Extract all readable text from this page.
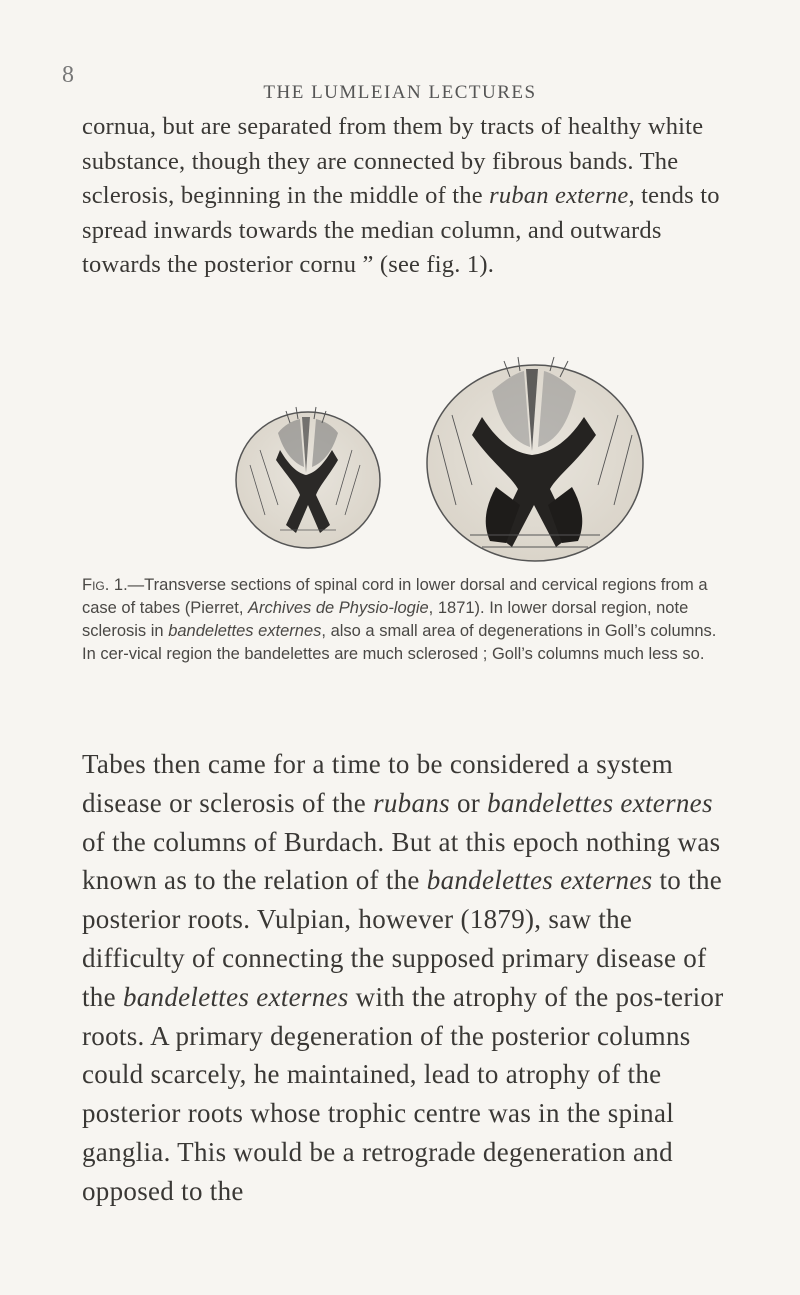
8
THE LUMLEIAN LECTURES

cornua, but are separated from them by tracts of healthy white substance, though they are connected by fibrous bands. The sclerosis, beginning in the middle of the ruban externe, tends to spread inwards towards the median column, and outwards towards the posterior cornu ” (see fig. 1).

Fig. 1.—Transverse sections of spinal cord in lower dorsal and cervical regions from a case of tabes (Pierret, Archives de Physio-logie, 1871). In lower dorsal region, note sclerosis in bandelettes externes, also a small area of degenerations in Goll’s columns. In cer-vical region the bandelettes are much sclerosed ; Goll’s columns much less so.

Tabes then came for a time to be considered a system disease or sclerosis of the rubans or bandelettes externes of the columns of Burdach. But at this epoch nothing was known as to the relation of the bandelettes externes to the posterior roots. Vulpian, however (1879), saw the difficulty of connecting the supposed primary disease of the bandelettes externes with the atrophy of the pos-terior roots. A primary degeneration of the posterior columns could scarcely, he maintained, lead to atrophy of the posterior roots whose trophic centre was in the spinal ganglia. This would be a retrograde degeneration and opposed to the
